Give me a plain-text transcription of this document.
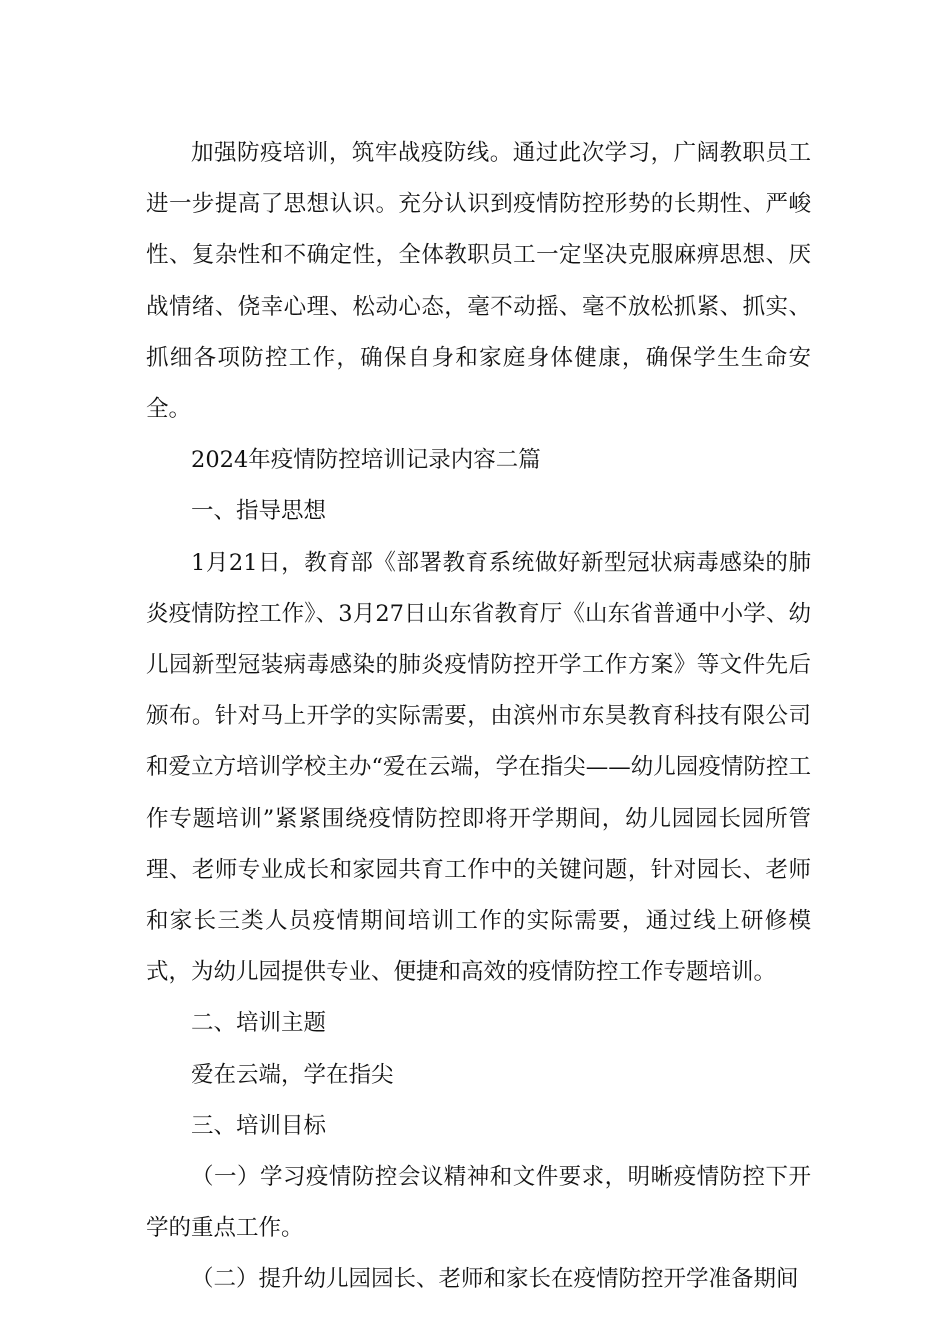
加强防疫培训，筑牢战疫防线。通过此次学习，广阔教职员工进一步提高了思想认识。充分认识到疫情防控形势的长期性、严峻性、复杂性和不确定性，全体教职员工一定坚决克服麻痹思想、厌战情绪、侥幸心理、松动心态，毫不动摇、毫不放松抓紧、抓实、抓细各项防控工作，确保自身和家庭身体健康，确保学生生命安全。

2024年疫情防控培训记录内容二篇

一、指导思想

1月21日，教育部《部署教育系统做好新型冠状病毒感染的肺炎疫情防控工作》、3月27日山东省教育厅《山东省普通中小学、幼儿园新型冠装病毒感染的肺炎疫情防控开学工作方案》等文件先后颁布。针对马上开学的实际需要，由滨州市东昊教育科技有限公司和爱立方培训学校主办“爱在云端，学在指尖——幼儿园疫情防控工作专题培训”紧紧围绕疫情防控即将开学期间，幼儿园园长园所管理、老师专业成长和家园共育工作中的关键问题，针对园长、老师和家长三类人员疫情期间培训工作的实际需要，通过线上研修模式，为幼儿园提供专业、便捷和高效的疫情防控工作专题培训。

二、培训主题

爱在云端，学在指尖

三、培训目标

（一）学习疫情防控会议精神和文件要求，明晰疫情防控下开学的重点工作。

（二）提升幼儿园园长、老师和家长在疫情防控开学准备期间
